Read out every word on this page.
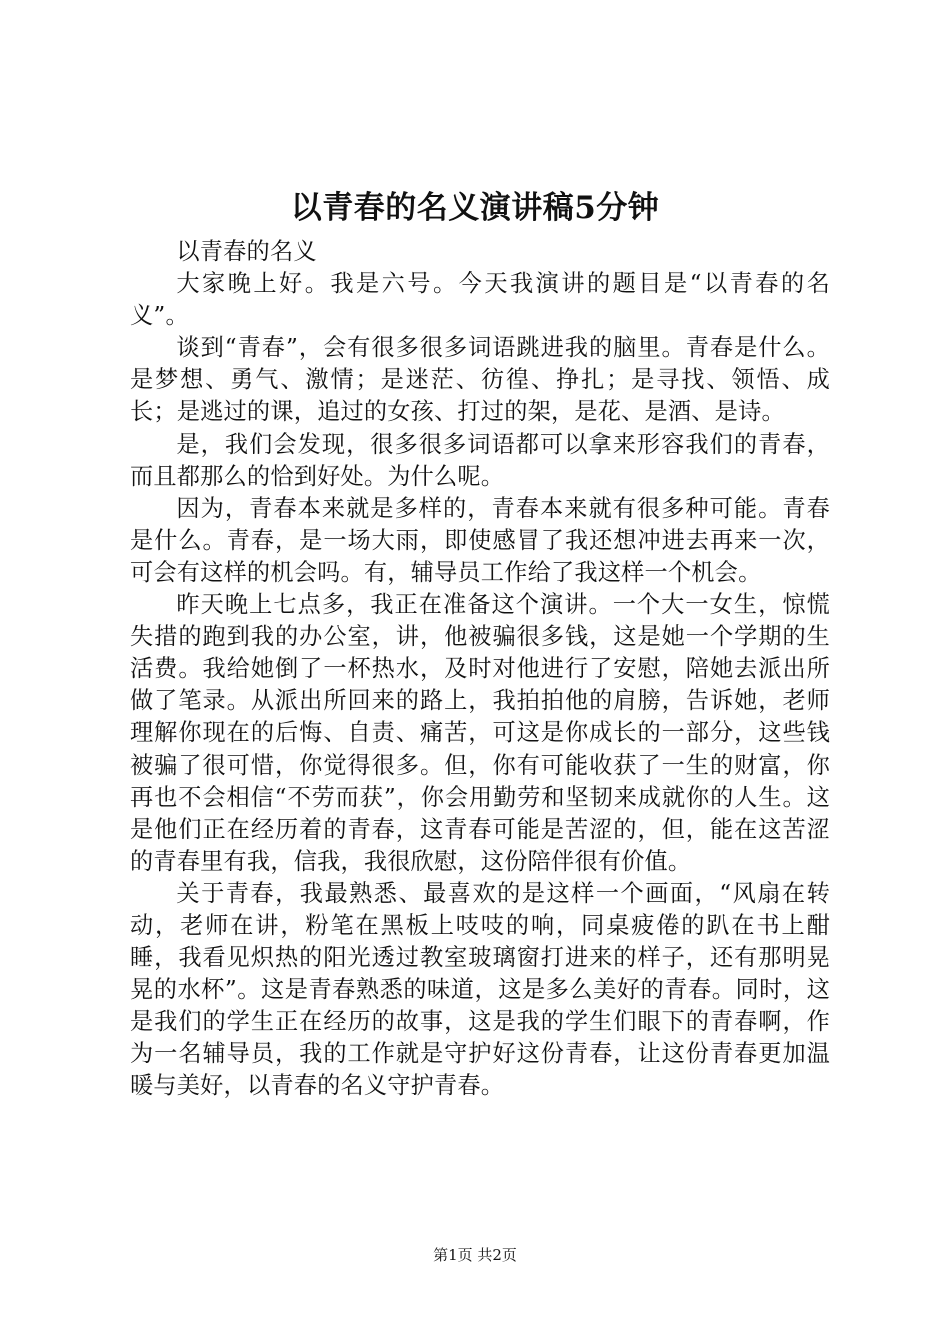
以青春的名义演讲稿5分钟

以青春的名义

大家晚上好。我是六号。今天我演讲的题目是“以青春的名义”。

谈到“青春”，会有很多很多词语跳进我的脑里。青春是什么。是梦想、勇气、激情；是迷茫、彷徨、挣扎；是寻找、领悟、成长；是逃过的课，追过的女孩、打过的架，是花、是酒、是诗。

是，我们会发现，很多很多词语都可以拿来形容我们的青春，而且都那么的恰到好处。为什么呢。

因为，青春本来就是多样的，青春本来就有很多种可能。青春是什么。青春，是一场大雨，即使感冒了我还想冲进去再来一次，可会有这样的机会吗。有，辅导员工作给了我这样一个机会。

昨天晚上七点多，我正在准备这个演讲。一个大一女生，惊慌失措的跑到我的办公室，讲，他被骗很多钱，这是她一个学期的生活费。我给她倒了一杯热水，及时对他进行了安慰，陪她去派出所做了笔录。从派出所回来的路上，我拍拍他的肩膀，告诉她，老师理解你现在的后悔、自责、痛苦，可这是你成长的一部分，这些钱被骗了很可惜，你觉得很多。但，你有可能收获了一生的财富，你再也不会相信“不劳而获”，你会用勤劳和坚韧来成就你的人生。这是他们正在经历着的青春，这青春可能是苦涩的，但，能在这苦涩的青春里有我，信我，我很欣慰，这份陪伴很有价值。

关于青春，我最熟悉、最喜欢的是这样一个画面，“风扇在转动，老师在讲，粉笔在黑板上吱吱的响，同桌疲倦的趴在书上酣睡，我看见炽热的阳光透过教室玻璃窗打进来的样子，还有那明晃晃的水杯”。这是青春熟悉的味道，这是多么美好的青春。同时，这是我们的学生正在经历的故事，这是我的学生们眼下的青春啊，作为一名辅导员，我的工作就是守护好这份青春，让这份青春更加温暖与美好，以青春的名义守护青春。

第1页 共2页
